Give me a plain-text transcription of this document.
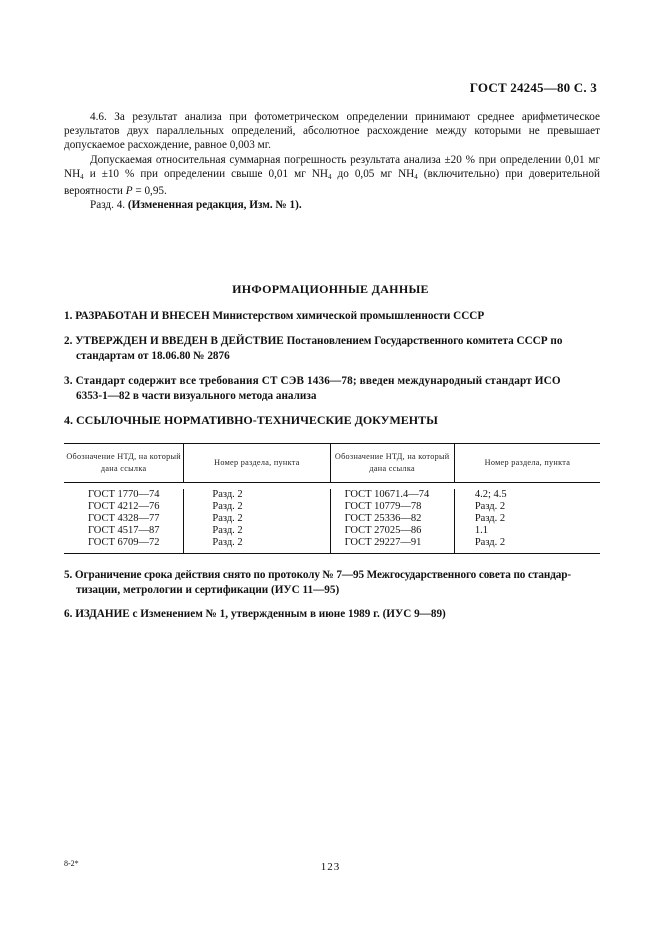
ГОСТ 24245—80 С. 3

4.6. За результат анализа при фотометрическом определении принимают среднее арифметическое результатов двух параллельных определений, абсолютное расхождение между которыми не превышает допускаемое расхождение, равное 0,003 мг.

Допускаемая относительная суммарная погрешность результата анализа ±20 % при определении 0,01 мг $NH_4$ и ±10 % при определении свыше 0,01 мг $NH_4$ до 0,05 мг $NH_4$ (включительно) при доверительной вероятности P = 0,95.

Разд. 4. (Измененная редакция, Изм. № 1).

ИНФОРМАЦИОННЫЕ ДАННЫЕ
1. РАЗРАБОТАН И ВНЕСЕН Министерством химической промышленности СССР
2. УТВЕРЖДЕН И ВВЕДЕН В ДЕЙСТВИЕ Постановлением Государственного комитета СССР по
стандартам от 18.06.80 № 2876
3. Стандарт содержит все требования СТ СЭВ 1436—78; введен международный стандарт ИСО
6353-1—82 в части визуального метода анализа
4. ССЫЛОЧНЫЕ НОРМАТИВНО-ТЕХНИЧЕСКИЕ ДОКУМЕНТЫ
Обозначение НТД, на который дана ссылка
Номер раздела, пункта
Обозначение НТД, на который дана ссылка
Номер раздела, пункта
ГОСТ 1770—74
ГОСТ 4212—76
ГОСТ 4328—77
ГОСТ 4517—87
ГОСТ 6709—72
Разд. 2
Разд. 2
Разд. 2
Разд. 2
Разд. 2
ГОСТ 10671.4—74
ГОСТ 10779—78
ГОСТ 25336—82
ГОСТ 27025—86
ГОСТ 29227—91
4.2; 4.5
Разд. 2
Разд. 2
1.1
Разд. 2
5. Ограничение срока действия снято по протоколу № 7—95 Межгосударственного совета по стандар-
тизации, метрологии и сертификации (ИУС 11—95)
6. ИЗДАНИЕ с Изменением № 1, утвержденным в июне 1989 г. (ИУС 9—89)
8-2*	123
